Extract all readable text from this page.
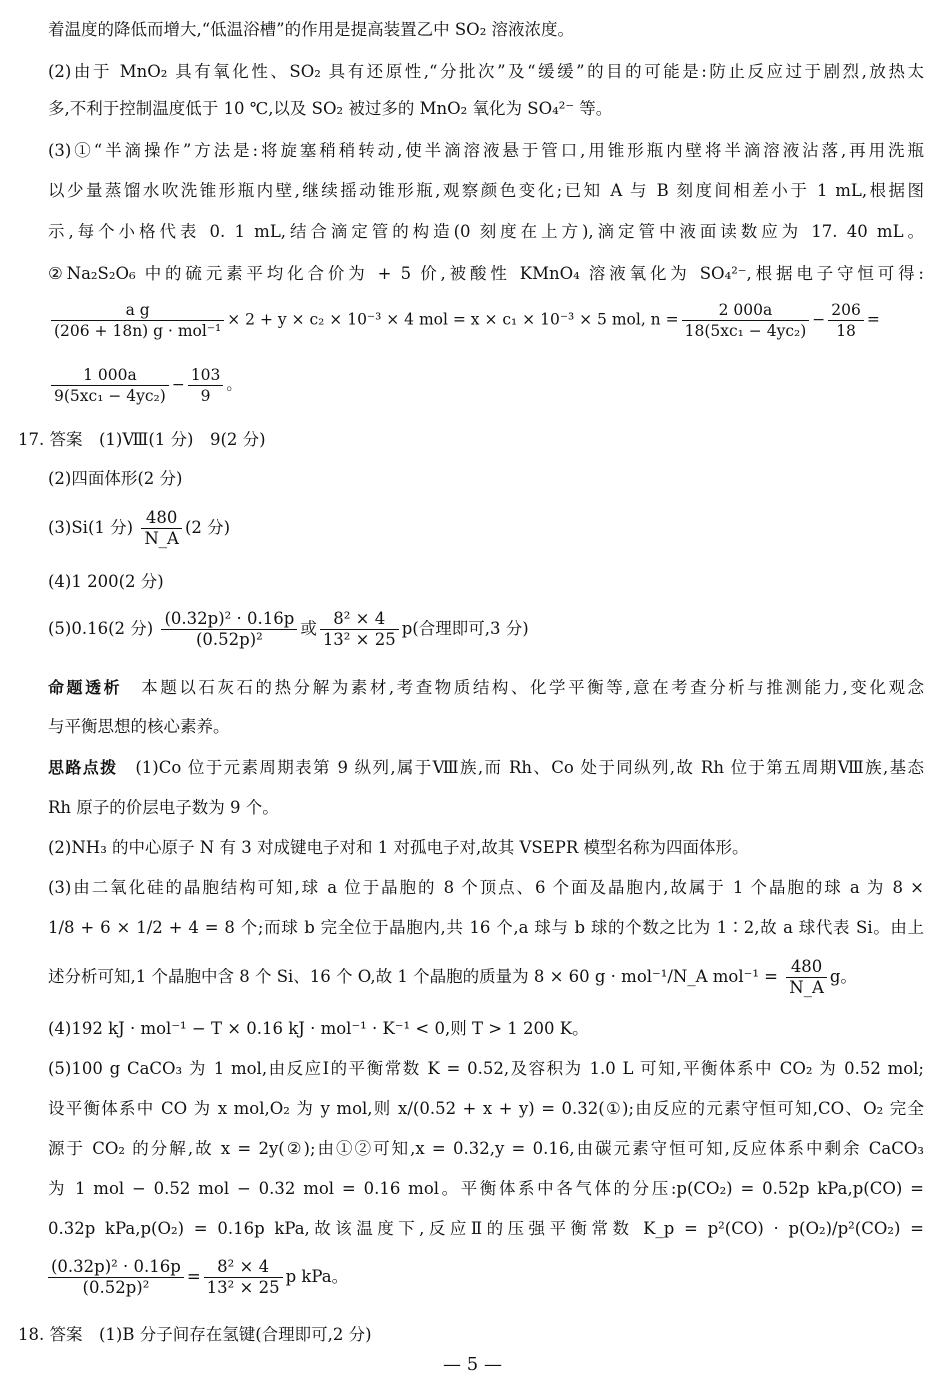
着温度的降低而增大,“低温浴槽”的作用是提高装置乙中 SO₂ 溶液浓度。
(2)由于 MnO₂ 具有氧化性、SO₂ 具有还原性,“分批次”及“缓缓”的目的可能是:防止反应过于剧烈,放热太
多,不利于控制温度低于 10 ℃,以及 SO₂ 被过多的 MnO₂ 氧化为 SO₄²⁻ 等。
(3)①“半滴操作”方法是:将旋塞稍稍转动,使半滴溶液悬于管口,用锥形瓶内壁将半滴溶液沾落,再用洗瓶
以少量蒸馏水吹洗锥形瓶内壁,继续摇动锥形瓶,观察颜色变化;已知 A 与 B 刻度间相差小于 1 mL,根据图
示,每个小格代表 0. 1 mL,结合滴定管的构造(0 刻度在上方),滴定管中液面读数应为 17. 40 mL。
②Na₂S₂O₆ 中的硫元素平均化合价为 + 5 价,被酸性 KMnO₄ 溶液氧化为 SO₄²⁻,根据电子守恒可得:
$\frac{\text{a g}}{\text{(206 + 18n) g · mol⁻¹}} \times 2 + y \times c_2 \times 10^{-3} \times 4$ mol = x × c₁ × 10⁻³ × 5 mol, $n = \frac{2 000a}{\text{18(5xc₁ − 4yc₂)}} - \frac{206}{18}$ =
$\frac{1 000a}{\text{9(5xc₁ − 4yc₂)}} - \frac{103}{9}$ 。
17. 答案　(1)Ⅷ(1 分)　9(2 分)
(2)四面体形(2 分)
(3)Si(1 分) $\frac{480}{N\_A} (2$ 分)
(4)1 200(2 分)
(5)0.16(2 分) $\frac{\text{(0.32p)² · 0.16p}}{\text{(0.52p)²}}$ 或 $\frac{\text{8² × 4}}{\text{13² × 25}} p$(合理即可,3 分)
命题透析　 本题以石灰石的热分解为素材,考查物质结构、化学平衡等,意在考查分析与推测能力,变化观念
与平衡思想的核心素养。
思路点拨　 (1)Co 位于元素周期表第 9 纵列,属于Ⅷ族,而 Rh、Co 处于同纵列,故 Rh 位于第五周期Ⅷ族,基态
Rh 原子的价层电子数为 9 个。
(2)NH₃ 的中心原子 N 有 3 对成键电子对和 1 对孤电子对,故其 VSEPR 模型名称为四面体形。
(3)由二氧化硅的晶胞结构可知,球 a 位于晶胞的 8 个顶点、6 个面及晶胞内,故属于 1 个晶胞的球 a 为 8 ×
1/8 + 6 × 1/2 + 4 = 8 个;而球 b 完全位于晶胞内,共 16 个,a 球与 b 球的个数之比为 1∶2,故 a 球代表 Si。由上
述分析可知,1 个晶胞中含 8 个 Si、16 个 O,故 1 个晶胞的质量为 8 × 60 g · mol⁻¹/N_A $mol^{-1} = \frac{480}{N\_A}$ g。
(4)192 kJ · mol⁻¹ − T × 0.16 kJ · mol⁻¹ · K⁻¹ < 0,则 T > 1 200 K。
(5)100 g CaCO₃ 为 1 mol,由反应Ⅰ的平衡常数 K = 0.52,及容积为 1.0 L 可知,平衡体系中 CO₂ 为 0.52 mol;
设平衡体系中 CO 为 x mol,O₂ 为 y mol,则 x/(0.52 + x + y) = 0.32(①);由反应的元素守恒可知,CO、O₂ 完全
源于 CO₂ 的分解,故 x = 2y(②);由①②可知,x = 0.32,y = 0.16,由碳元素守恒可知,反应体系中剩余 CaCO₃
为 1 mol − 0.52 mol − 0.32 mol = 0.16 mol。平衡体系中各气体的分压:p(CO₂) = 0.52p kPa,p(CO) =
0.32p kPa,p(O₂) = 0.16p kPa,故该温度下,反应Ⅱ的压强平衡常数 K_p = p²(CO) · p(O₂)/p²(CO₂) =
$\frac{\text{(0.32p)² · 0.16p}}{\text{(0.52p)²}} = \frac{\text{8² × 4}}{\text{13² × 25}}$ p kPa。
18. 答案　(1)B 分子间存在氢键(合理即可,2 分)
— 5 —
